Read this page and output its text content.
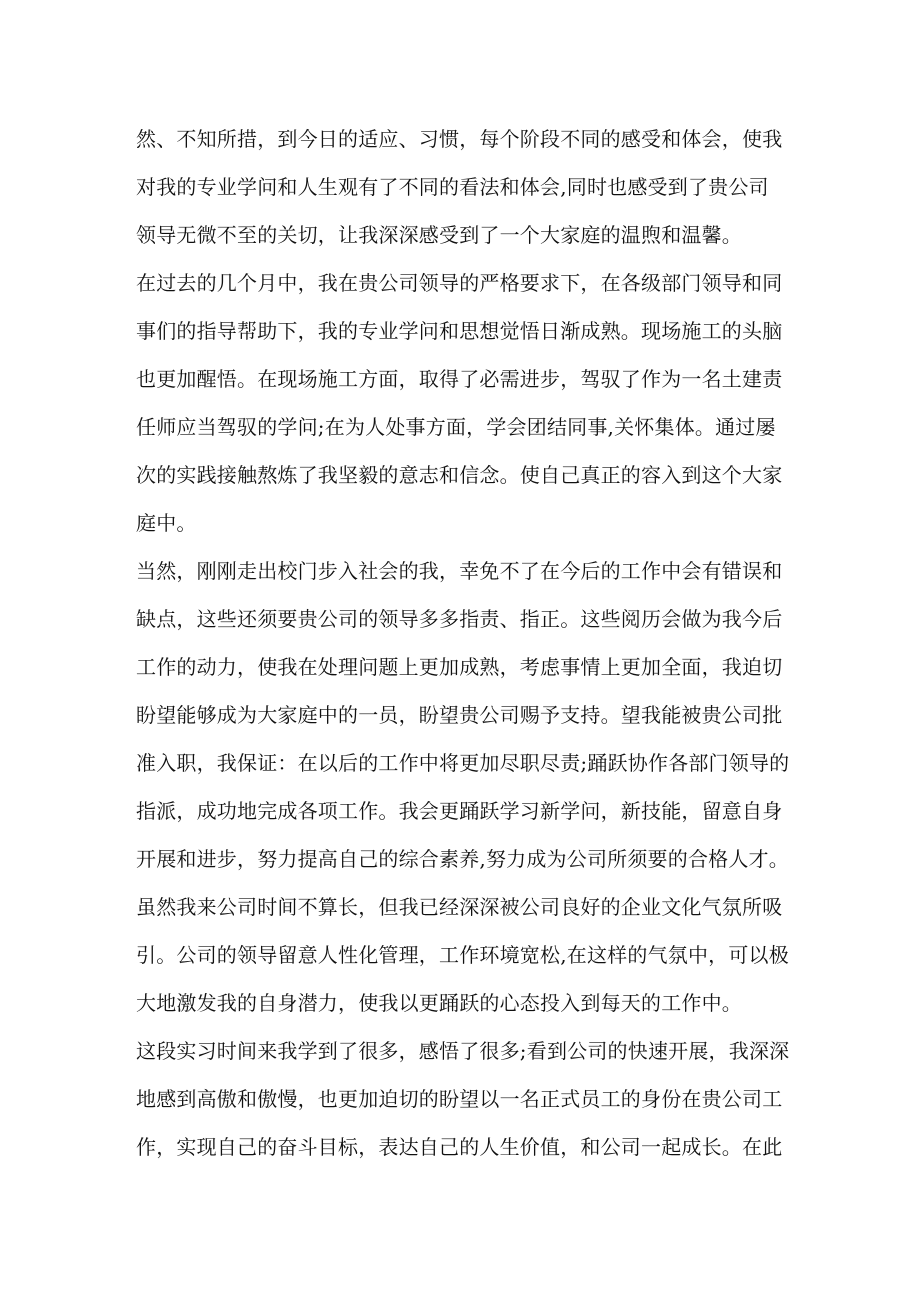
然、不知所措，到今日的适应、习惯，每个阶段不同的感受和体会，使我
对我的专业学问和人生观有了不同的看法和体会,同时也感受到了贵公司
领导无微不至的关切，让我深深感受到了一个大家庭的温煦和温馨。
在过去的几个月中，我在贵公司领导的严格要求下，在各级部门领导和同
事们的指导帮助下，我的专业学问和思想觉悟日渐成熟。现场施工的头脑
也更加醒悟。在现场施工方面，取得了必需进步，驾驭了作为一名土建责
任师应当驾驭的学问;在为人处事方面，学会团结同事,关怀集体。通过屡
次的实践接触熬炼了我坚毅的意志和信念。使自己真正的容入到这个大家
庭中。
当然，刚刚走出校门步入社会的我，幸免不了在今后的工作中会有错误和
缺点，这些还须要贵公司的领导多多指责、指正。这些阅历会做为我今后
工作的动力，使我在处理问题上更加成熟，考虑事情上更加全面，我迫切
盼望能够成为大家庭中的一员，盼望贵公司赐予支持。望我能被贵公司批
准入职，我保证：在以后的工作中将更加尽职尽责;踊跃协作各部门领导的
指派，成功地完成各项工作。我会更踊跃学习新学问，新技能，留意自身
开展和进步，努力提高自己的综合素养,努力成为公司所须要的合格人才。
虽然我来公司时间不算长，但我已经深深被公司良好的企业文化气氛所吸
引。公司的领导留意人性化管理，工作环境宽松,在这样的气氛中，可以极
大地激发我的自身潜力，使我以更踊跃的心态投入到每天的工作中。
这段实习时间来我学到了很多，感悟了很多;看到公司的快速开展，我深深
地感到高傲和傲慢，也更加迫切的盼望以一名正式员工的身份在贵公司工
作，实现自己的奋斗目标，表达自己的人生价值，和公司一起成长。在此
